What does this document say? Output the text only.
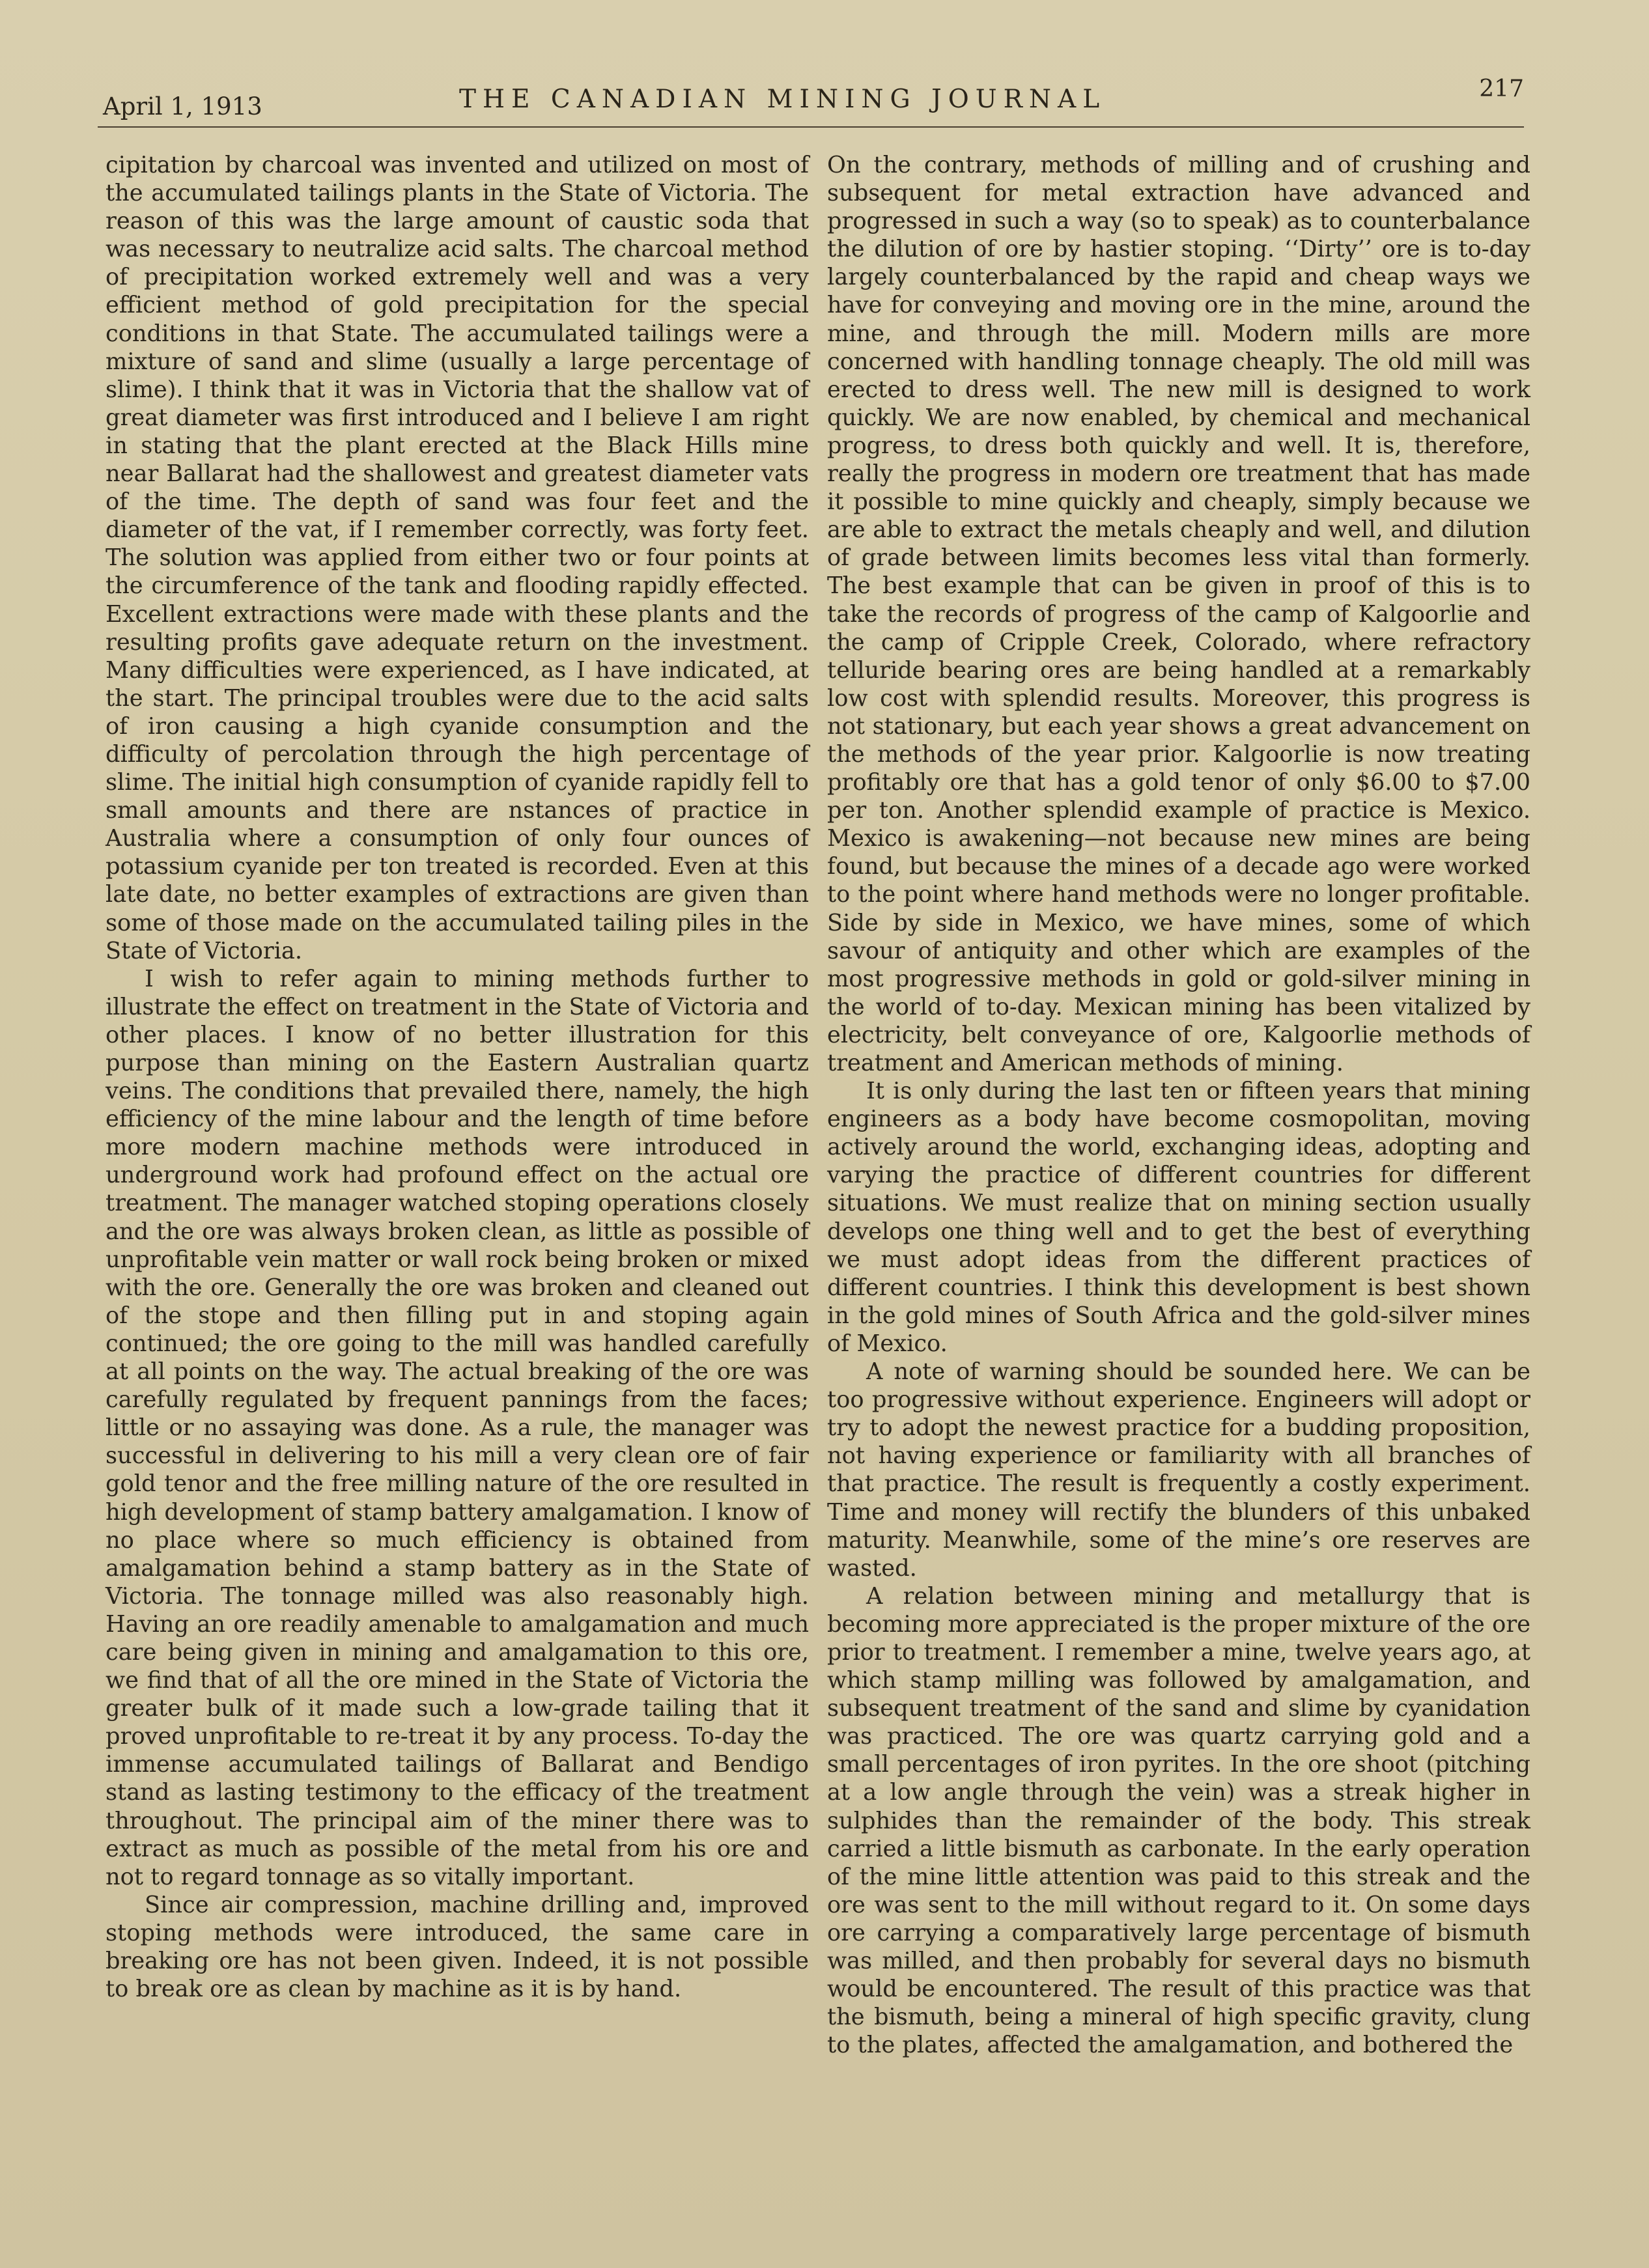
April 1, 1913	THE CANADIAN MINING JOURNAL	217

cipitation by charcoal was invented and utilized on most of the accumulated tailings plants in the State of Victoria. The reason of this was the large amount of caustic soda that was necessary to neutralize acid salts. The charcoal method of precipitation worked extremely well and was a very efficient method of gold precipitation for the special conditions in that State. The accumulated tailings were a mixture of sand and slime (usually a large percentage of slime). I think that it was in Victoria that the shallow vat of great diameter was first introduced and I believe I am right in stating that the plant erected at the Black Hills mine near Ballarat had the shallowest and greatest diameter vats of the time. The depth of sand was four feet and the diameter of the vat, if I remember correctly, was forty feet. The solution was applied from either two or four points at the circumference of the tank and flooding rapidly effected. Excellent extractions were made with these plants and the resulting profits gave adequate return on the investment. Many difficulties were experienced, as I have indicated, at the start. The principal troubles were due to the acid salts of iron causing a high cyanide consumption and the difficulty of percolation through the high percentage of slime. The initial high consumption of cyanide rapidly fell to small amounts and there are nstances of practice in Australia where a consumption of only four ounces of potassium cyanide per ton treated is recorded. Even at this late date, no better examples of extractions are given than some of those made on the accumulated tailing piles in the State of Victoria.

I wish to refer again to mining methods further to illustrate the effect on treatment in the State of Victoria and other places. I know of no better illustration for this purpose than mining on the Eastern Australian quartz veins. The conditions that prevailed there, namely, the high efficiency of the mine labour and the length of time before more modern machine methods were introduced in underground work had profound effect on the actual ore treatment. The manager watched stoping operations closely and the ore was always broken clean, as little as possible of unprofitable vein matter or wall rock being broken or mixed with the ore. Generally the ore was broken and cleaned out of the stope and then filling put in and stoping again continued; the ore going to the mill was handled carefully at all points on the way. The actual breaking of the ore was carefully regulated by frequent pannings from the faces; little or no assaying was done. As a rule, the manager was successful in delivering to his mill a very clean ore of fair gold tenor and the free milling nature of the ore resulted in high development of stamp battery amalgamation. I know of no place where so much efficiency is obtained from amalgamation behind a stamp battery as in the State of Victoria. The tonnage milled was also reasonably high. Having an ore readily amenable to amalgamation and much care being given in mining and amalgamation to this ore, we find that of all the ore mined in the State of Victoria the greater bulk of it made such a low-grade tailing that it proved unprofitable to re-treat it by any process. To-day the immense accumulated tailings of Ballarat and Bendigo stand as lasting testimony to the efficacy of the treatment throughout. The principal aim of the miner there was to extract as much as possible of the metal from his ore and not to regard tonnage as so vitally important.

Since air compression, machine drilling and, improved stoping methods were introduced, the same care in breaking ore has not been given. Indeed, it is not possible to break ore as clean by machine as it is by hand.

On the contrary, methods of milling and of crushing and subsequent for metal extraction have advanced and progressed in such a way (so to speak) as to counterbalance the dilution of ore by hastier stoping. ‘‘Dirty’’ ore is to-day largely counterbalanced by the rapid and cheap ways we have for conveying and moving ore in the mine, around the mine, and through the mill. Modern mills are more concerned with handling tonnage cheaply. The old mill was erected to dress well. The new mill is designed to work quickly. We are now enabled, by chemical and mechanical progress, to dress both quickly and well. It is, therefore, really the progress in modern ore treatment that has made it possible to mine quickly and cheaply, simply because we are able to extract the metals cheaply and well, and dilution of grade between limits becomes less vital than formerly. The best example that can be given in proof of this is to take the records of progress of the camp of Kalgoorlie and the camp of Cripple Creek, Colorado, where refractory telluride bearing ores are being handled at a remarkably low cost with splendid results. Moreover, this progress is not stationary, but each year shows a great advancement on the methods of the year prior. Kalgoorlie is now treating profitably ore that has a gold tenor of only $6.00 to $7.00 per ton. Another splendid example of practice is Mexico. Mexico is awakening—not because new mines are being found, but because the mines of a decade ago were worked to the point where hand methods were no longer profitable. Side by side in Mexico, we have mines, some of which savour of antiquity and other which are examples of the most progressive methods in gold or gold-silver mining in the world of to-day. Mexican mining has been vitalized by electricity, belt conveyance of ore, Kalgoorlie methods of treatment and American methods of mining.

It is only during the last ten or fifteen years that mining engineers as a body have become cosmopolitan, moving actively around the world, exchanging ideas, adopting and varying the practice of different countries for different situations. We must realize that on mining section usually develops one thing well and to get the best of everything we must adopt ideas from the different practices of different countries. I think this development is best shown in the gold mines of South Africa and the gold-silver mines of Mexico.

A note of warning should be sounded here. We can be too progressive without experience. Engineers will adopt or try to adopt the newest practice for a budding proposition, not having experience or familiarity with all branches of that practice. The result is frequently a costly experiment. Time and money will rectify the blunders of this unbaked maturity. Meanwhile, some of the mine’s ore reserves are wasted.

A relation between mining and metallurgy that is becoming more appreciated is the proper mixture of the ore prior to treatment. I remember a mine, twelve years ago, at which stamp milling was followed by amalgamation, and subsequent treatment of the sand and slime by cyanidation was practiced. The ore was quartz carrying gold and a small percentages of iron pyrites. In the ore shoot (pitching at a low angle through the vein) was a streak higher in sulphides than the remainder of the body. This streak carried a little bismuth as carbonate. In the early operation of the mine little attention was paid to this streak and the ore was sent to the mill without regard to it. On some days ore carrying a comparatively large percentage of bismuth was milled, and then probably for several days no bismuth would be encountered. The result of this practice was that the bismuth, being a mineral of high specific gravity, clung to the plates, affected the amalgamation, and bothered the
